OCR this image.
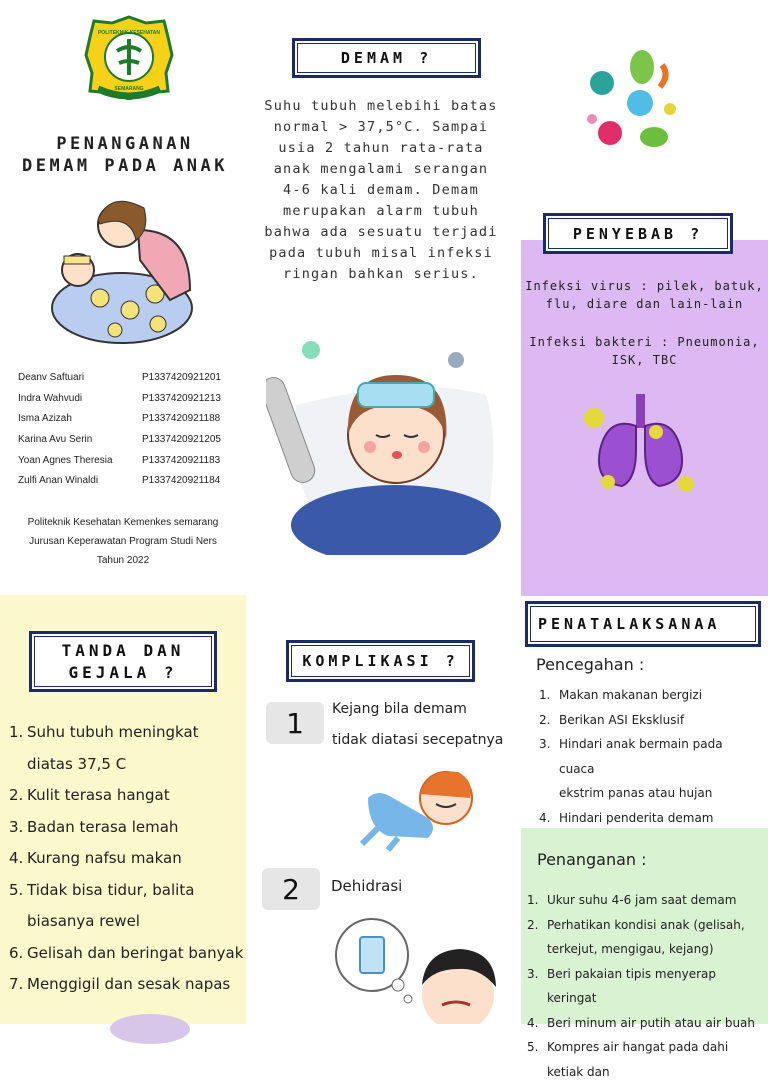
POLITEKNIK KESEHATAN
SEMARANG
PENANGANAN
DEMAM PADA ANAK
Deanv Saftuari	P1337420921201
Indra Wahvudi	P1337420921213
Isma Azizah	P1337420921188
Karina Avu Serin	P1337420921205
Yoan Agnes Theresia	P1337420921183
Zulfi Anan Winaldi	P1337420921184
Politeknik Kesehatan Kemenkes semarang
Jurusan Keperawatan Program Studi Ners
Tahun 2022
DEMAM ?
Suhu tubuh melebihi batas
normal > 37,5°C. Sampai
usia 2 tahun rata-rata
anak mengalami serangan
4-6 kali demam. Demam
merupakan alarm tubuh
bahwa ada sesuatu terjadi
pada tubuh misal infeksi
ringan bahkan serius.
PENYEBAB ?
Infeksi virus : pilek, batuk,
flu, diare dan lain-lain
Infeksi bakteri : Pneumonia,
ISK, TBC
TANDA DAN
GEJALA ?
1. Suhu tubuh meningkat
diatas 37,5 C
2. Kulit terasa hangat
3. Badan terasa lemah
4. Kurang nafsu makan
5. Tidak bisa tidur, balita
biasanya rewel
6. Gelisah dan beringat banyak
7. Menggigil dan sesak napas
KOMPLIKASI ?
1	Kejang bila demam
tidak diatasi secepatnya
2	Dehidrasi
PENATALAKSANAA
Pencegahan :
1. Makan makanan bergizi
2. Berikan ASI Eksklusif
3. Hindari anak bermain pada cuaca
ekstrim panas atau hujan
4. Hindari penderita demam
Penanganan :
1. Ukur suhu 4-6 jam saat demam
2. Perhatikan kondisi anak (gelisah,
terkejut, mengigau, kejang)
3. Beri pakaian tipis menyerap keringat
4. Beri minum air putih atau air buah
5. Kompres air hangat pada dahi ketiak dan
